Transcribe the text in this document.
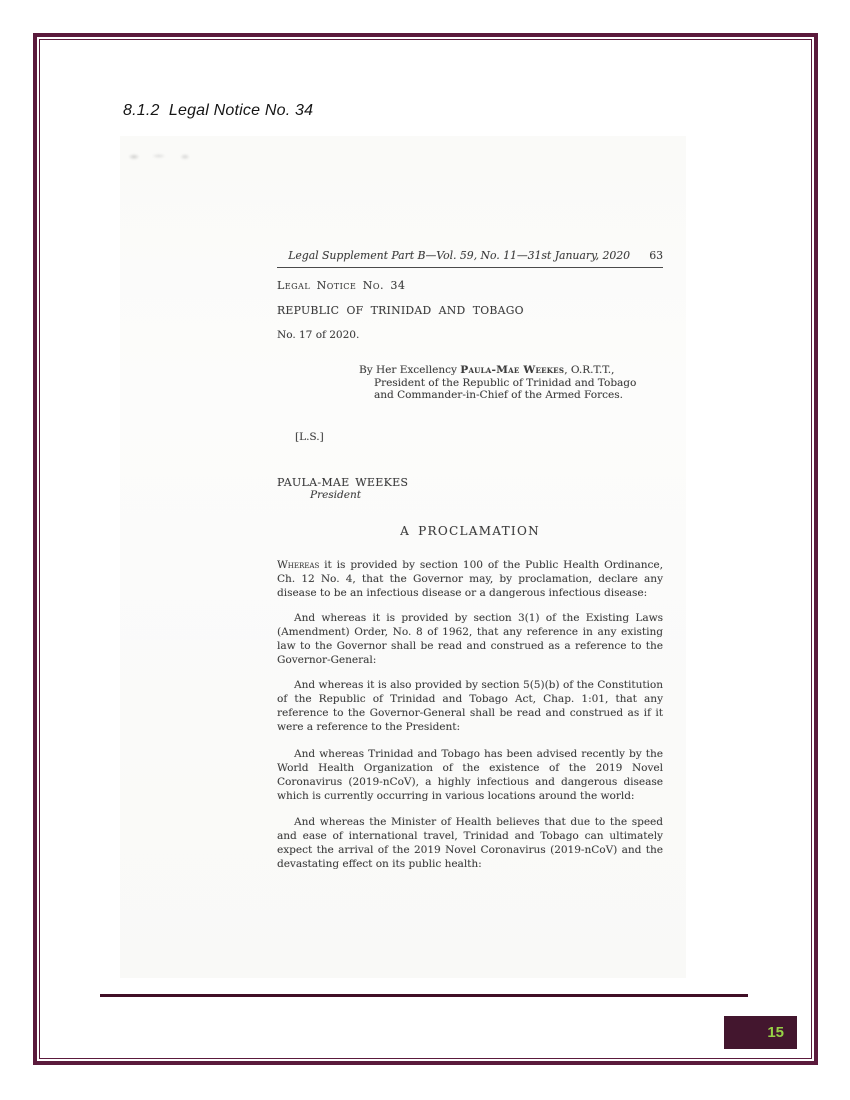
8.1.2  Legal Notice No. 34
Legal Supplement Part B—Vol. 59, No. 11—31st January, 2020	63
Legal Notice No. 34
REPUBLIC OF TRINIDAD AND TOBAGO
No. 17 of 2020.
By Her Excellency Paula-Mae Weekes, O.R.T.T.,
President of the Republic of Trinidad and Tobago
and Commander-in-Chief of the Armed Forces.
[L.S.]
PAULA-MAE WEEKES
President
A PROCLAMATION

Whereas it is provided by section 100 of the Public Health Ordinance, Ch. 12 No. 4, that the Governor may, by proclamation, declare any disease to be an infectious disease or a dangerous infectious disease:

And whereas it is provided by section 3(1) of the Existing Laws (Amendment) Order, No. 8 of 1962, that any reference in any existing law to the Governor shall be read and construed as a reference to the Governor-General:

And whereas it is also provided by section 5(5)(b) of the Constitution of the Republic of Trinidad and Tobago Act, Chap. 1:01, that any reference to the Governor-General shall be read and construed as if it were a reference to the President:

And whereas Trinidad and Tobago has been advised recently by the World Health Organization of the existence of the 2019 Novel Coronavirus (2019-nCoV), a highly infectious and dangerous disease which is currently occurring in various locations around the world:

And whereas the Minister of Health believes that due to the speed and ease of international travel, Trinidad and Tobago can ultimately expect the arrival of the 2019 Novel Coronavirus (2019-nCoV) and the devastating effect on its public health:

15
